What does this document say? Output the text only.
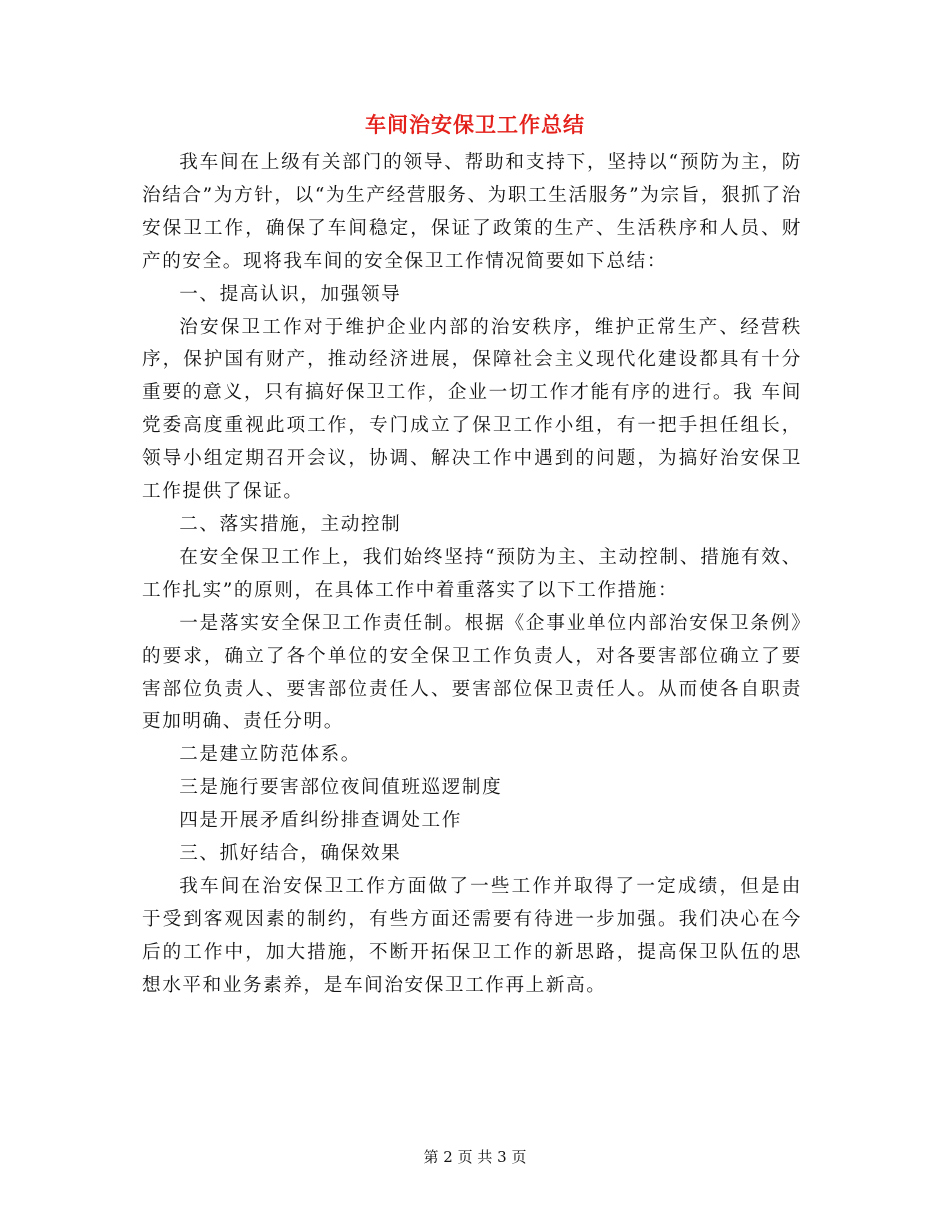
车间治安保卫工作总结

我车间在上级有关部门的领导、帮助和支持下，坚持以“预防为主，防治结合”为方针，以“为生产经营服务、为职工生活服务”为宗旨，狠抓了治安保卫工作，确保了车间稳定，保证了政策的生产、生活秩序和人员、财产的安全。现将我车间的安全保卫工作情况简要如下总结：

一、提高认识，加强领导

治安保卫工作对于维护企业内部的治安秩序，维护正常生产、经营秩序，保护国有财产，推动经济进展，保障社会主义现代化建设都具有十分重要的意义，只有搞好保卫工作，企业一切工作才能有序的进行。我 车间党委高度重视此项工作，专门成立了保卫工作小组，有一把手担任组长，领导小组定期召开会议，协调、解决工作中遇到的问题，为搞好治安保卫工作提供了保证。

二、落实措施，主动控制

在安全保卫工作上，我们始终坚持“预防为主、主动控制、措施有效、工作扎实”的原则，在具体工作中着重落实了以下工作措施：

一是落实安全保卫工作责任制。根据《企事业单位内部治安保卫条例》的要求，确立了各个单位的安全保卫工作负责人，对各要害部位确立了要害部位负责人、要害部位责任人、要害部位保卫责任人。从而使各自职责更加明确、责任分明。

二是建立防范体系。

三是施行要害部位夜间值班巡逻制度

四是开展矛盾纠纷排查调处工作

三、抓好结合，确保效果

我车间在治安保卫工作方面做了一些工作并取得了一定成绩，但是由于受到客观因素的制约，有些方面还需要有待进一步加强。我们决心在今后的工作中，加大措施，不断开拓保卫工作的新思路，提高保卫队伍的思想水平和业务素养，是车间治安保卫工作再上新高。

第 2 页 共 3 页
